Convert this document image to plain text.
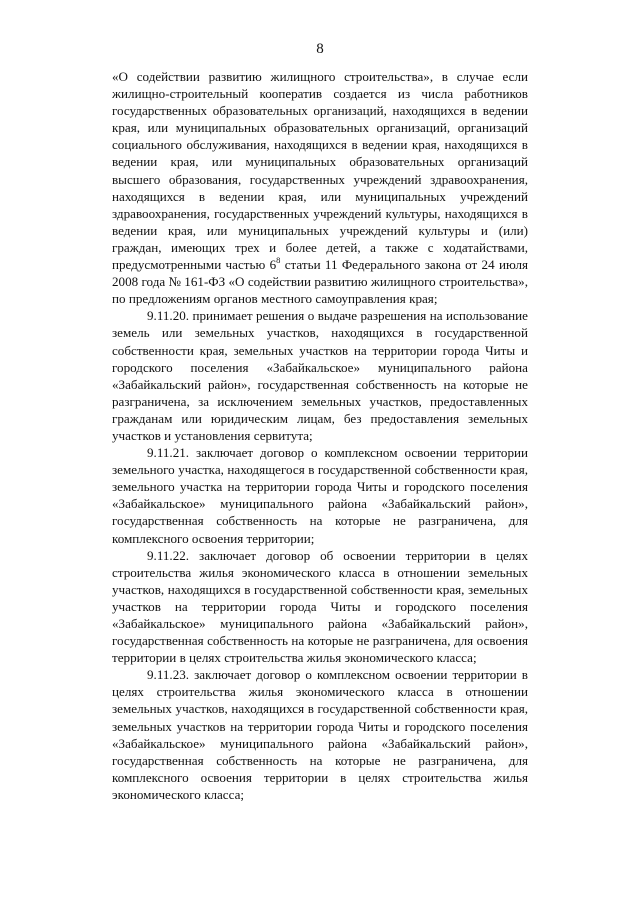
8

«О содействии развитию жилищного строительства», в случае если жилищно-строительный кооператив создается из числа работников государственных образовательных организаций, находящихся в ведении края, или муниципальных образовательных организаций, организаций социального обслуживания, находящихся в ведении края, находящихся в ведении края, или муниципальных образовательных организаций высшего образования, государственных учреждений здравоохранения, находящихся в ведении края, или муниципальных учреждений здравоохранения, государственных учреждений культуры, находящихся в ведении края, или муниципальных учреждений культуры и (или) граждан, имеющих трех и более детей, а также с ходатайствами, предусмотренными частью $6^8$ статьи 11 Федерального закона от 24 июля 2008 года № 161-ФЗ «О содействии развитию жилищного строительства», по предложениям органов местного самоуправления края;

9.11.20. принимает решения о выдаче разрешения на использование земель или земельных участков, находящихся в государственной собственности края, земельных участков на территории города Читы и городского поселения «Забайкальское» муниципального района «Забайкальский район», государственная собственность на которые не разграничена, за исключением земельных участков, предоставленных гражданам или юридическим лицам, без предоставления земельных участков и установления сервитута;

9.11.21. заключает договор о комплексном освоении территории земельного участка, находящегося в государственной собственности края, земельного участка на территории города Читы и городского поселения «Забайкальское» муниципального района «Забайкальский район», государственная собственность на которые не разграничена, для комплексного освоения территории;

9.11.22. заключает договор об освоении территории в целях строительства жилья экономического класса в отношении земельных участков, находящихся в государственной собственности края, земельных участков на территории города Читы и городского поселения «Забайкальское» муниципального района «Забайкальский район», государственная собственность на которые не разграничена, для освоения территории в целях строительства жилья экономического класса;

9.11.23. заключает договор о комплексном освоении территории в целях строительства жилья экономического класса в отношении земельных участков, находящихся в государственной собственности края, земельных участков на территории города Читы и городского поселения «Забайкальское» муниципального района «Забайкальский район», государственная собственность на которые не разграничена, для комплексного освоения территории в целях строительства жилья экономического класса;
